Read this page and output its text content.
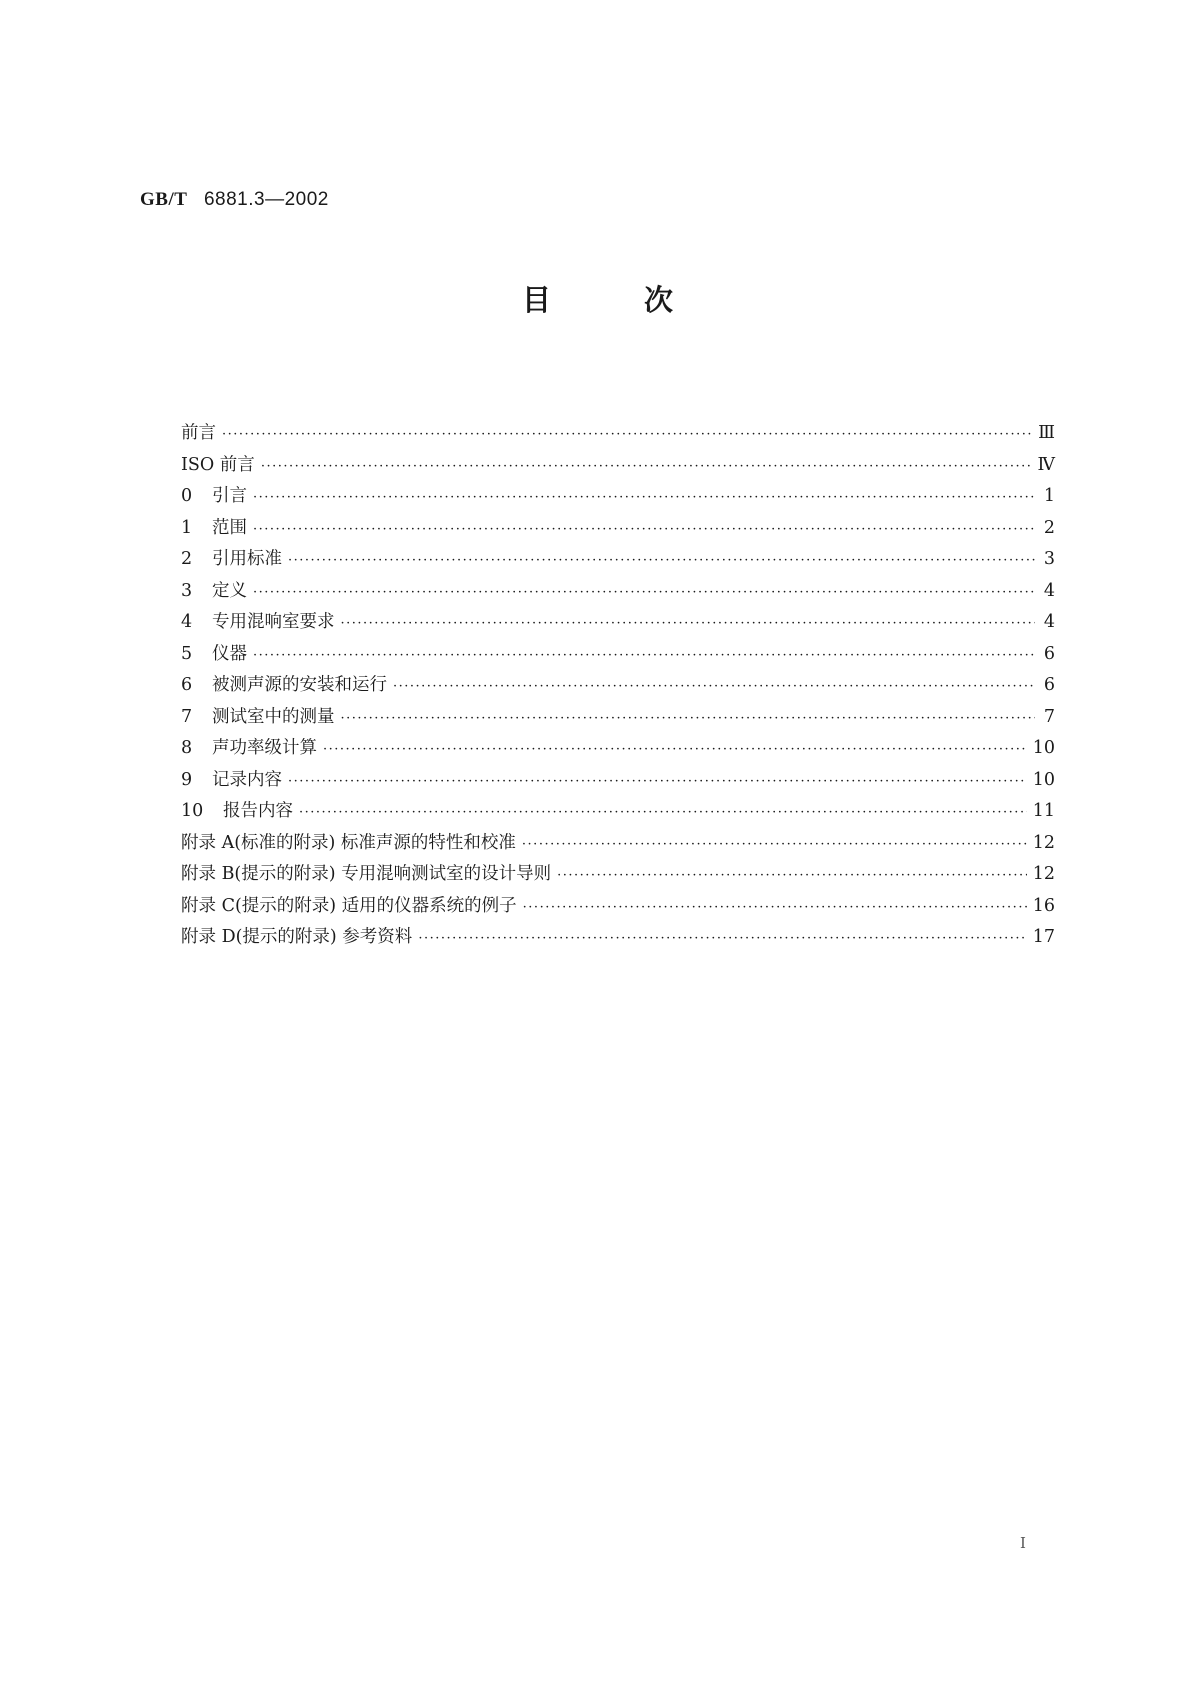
GB/T 6881.3—2002
目	次
前言 ·····	Ⅲ
ISO 前言 ·····	Ⅳ
0	引言 ·····	1
1	范围 ·····	2
2	引用标准 ·····	3
3	定义 ·····	4
4	专用混响室要求 ·····	4
5	仪器 ·····	6
6	被测声源的安装和运行 ·····	6
7	测试室中的测量 ·····	7
8	声功率级计算 ·····	10
9	记录内容 ·····	10
10	报告内容 ·····	11
附录 A(标准的附录) 标准声源的特性和校准 ·····	12
附录 B(提示的附录) 专用混响测试室的设计导则 ·····	12
附录 C(提示的附录) 适用的仪器系统的例子 ·····	16
附录 D(提示的附录) 参考资料 ·····	17
I
